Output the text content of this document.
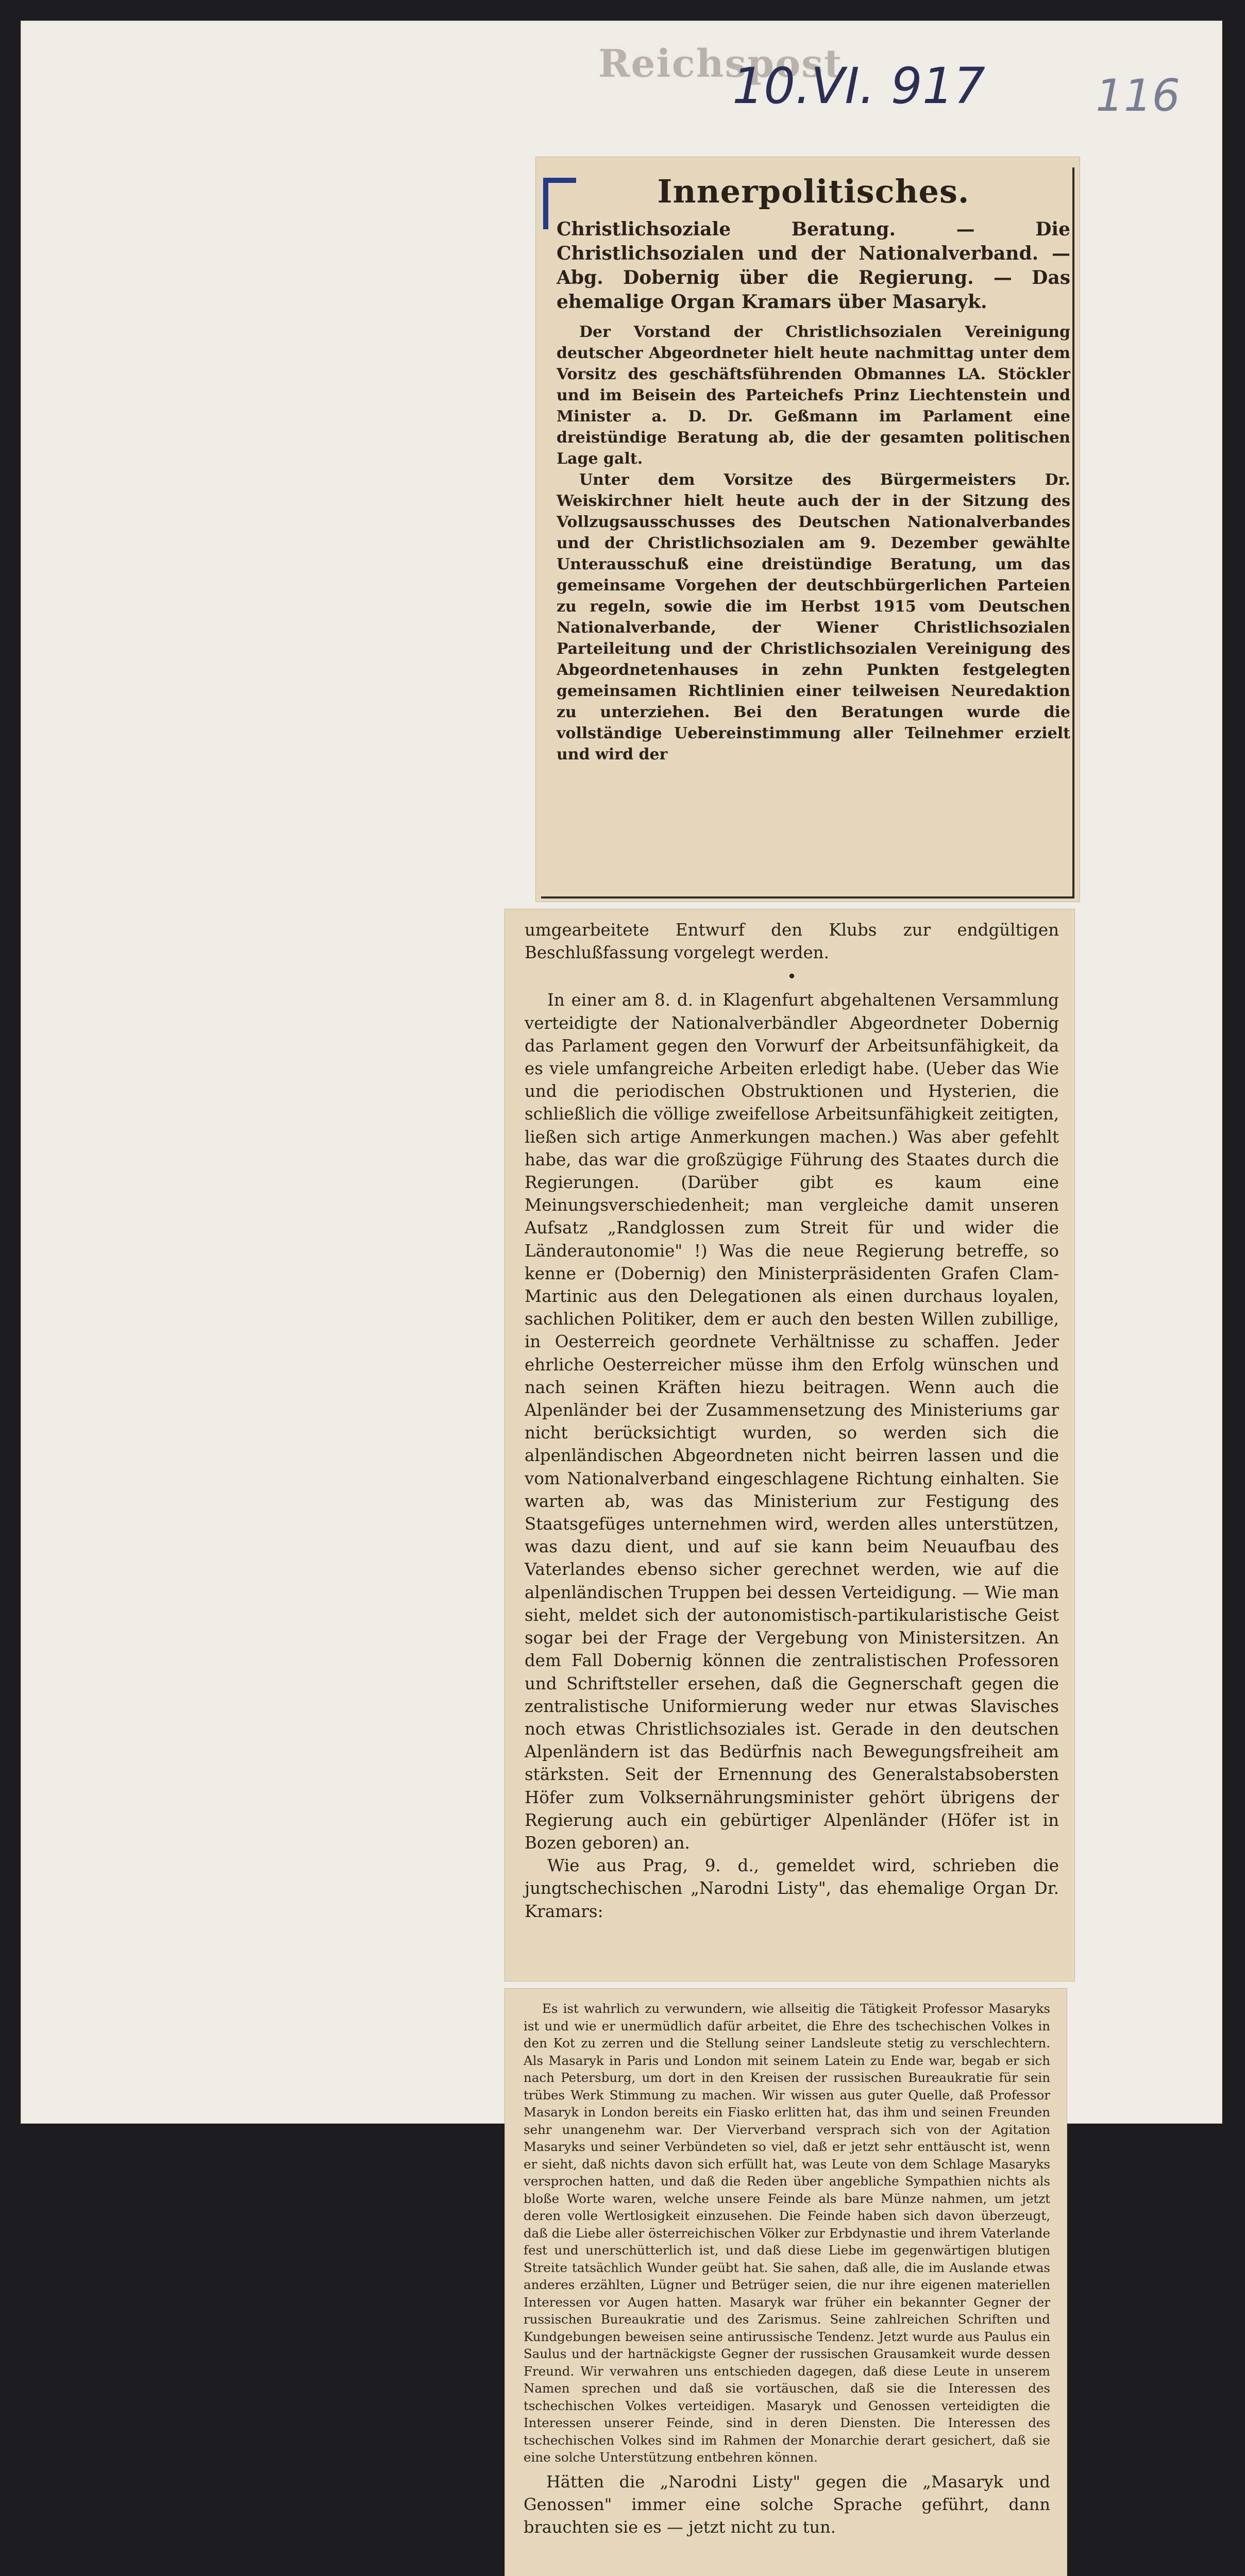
Reichspost
10.VI. 917 116
Innerpolitisches.

Christlichsoziale Beratung. — Die Christlichsozialen und der Nationalverband. — Abg. Dobernig über die Regierung. — Das ehemalige Organ Kramars über Masaryk.

Der Vorstand der Christlichsozialen Vereinigung deutscher Abgeordneter hielt heute nachmittag unter dem Vorsitz des geschäftsführenden Obmannes LA. Stöckler und im Beisein des Parteichefs Prinz Liechtenstein und Minister a. D. Dr. Geßmann im Parlament eine dreistündige Beratung ab, die der gesamten politischen Lage galt.

Unter dem Vorsitze des Bürgermeisters Dr. Weiskirchner hielt heute auch der in der Sitzung des Vollzugsausschusses des Deutschen Nationalverbandes und der Christlichsozialen am 9. Dezember gewählte Unterausschuß eine dreistündige Beratung, um das gemeinsame Vorgehen der deutschbürgerlichen Parteien zu regeln, sowie die im Herbst 1915 vom Deutschen Nationalverbande, der Wiener Christlichsozialen Parteileitung und der Christlichsozialen Vereinigung des Abgeordnetenhauses in zehn Punkten festgelegten gemeinsamen Richtlinien einer teilweisen Neuredaktion zu unterziehen. Bei den Beratungen wurde die vollständige Uebereinstimmung aller Teilnehmer erzielt und wird der

umgearbeitete Entwurf den Klubs zur endgültigen Beschlußfassung vorgelegt werden.

•

In einer am 8. d. in Klagenfurt abgehaltenen Versammlung verteidigte der Nationalverbändler Abgeordneter Dobernig das Parlament gegen den Vorwurf der Arbeitsunfähigkeit, da es viele umfangreiche Arbeiten erledigt habe. (Ueber das Wie und die periodischen Obstruktionen und Hysterien, die schließlich die völlige zweifellose Arbeitsunfähigkeit zeitigten, ließen sich artige Anmerkungen machen.) Was aber gefehlt habe, das war die großzügige Führung des Staates durch die Regierungen. (Darüber gibt es kaum eine Meinungsverschiedenheit; man vergleiche damit unseren Aufsatz „Randglossen zum Streit für und wider die Länderautonomie" !) Was die neue Regierung betreffe, so kenne er (Dobernig) den Ministerpräsidenten Grafen Clam-Martinic aus den Delegationen als einen durchaus loyalen, sachlichen Politiker, dem er auch den besten Willen zubillige, in Oesterreich geordnete Verhältnisse zu schaffen. Jeder ehrliche Oesterreicher müsse ihm den Erfolg wünschen und nach seinen Kräften hiezu beitragen. Wenn auch die Alpenländer bei der Zusammensetzung des Ministeriums gar nicht berücksichtigt wurden, so werden sich die alpenländischen Abgeordneten nicht beirren lassen und die vom Nationalverband eingeschlagene Richtung einhalten. Sie warten ab, was das Ministerium zur Festigung des Staatsgefüges unternehmen wird, werden alles unterstützen, was dazu dient, und auf sie kann beim Neuaufbau des Vaterlandes ebenso sicher gerechnet werden, wie auf die alpenländischen Truppen bei dessen Verteidigung. — Wie man sieht, meldet sich der autonomistisch-partikularistische Geist sogar bei der Frage der Vergebung von Ministersitzen. An dem Fall Dobernig können die zentralistischen Professoren und Schriftsteller ersehen, daß die Gegnerschaft gegen die zentralistische Uniformierung weder nur etwas Slavisches noch etwas Christlichsoziales ist. Gerade in den deutschen Alpenländern ist das Bedürfnis nach Bewegungsfreiheit am stärksten. Seit der Ernennung des Generalstabsobersten Höfer zum Volksernährungsminister gehört übrigens der Regierung auch ein gebürtiger Alpenländer (Höfer ist in Bozen geboren) an.

Wie aus Prag, 9. d., gemeldet wird, schrieben die jungtschechischen „Narodni Listy", das ehemalige Organ Dr. Kramars:

Es ist wahrlich zu verwundern, wie allseitig die Tätigkeit Professor Masaryks ist und wie er unermüdlich dafür arbeitet, die Ehre des tschechischen Volkes in den Kot zu zerren und die Stellung seiner Landsleute stetig zu verschlechtern. Als Masaryk in Paris und London mit seinem Latein zu Ende war, begab er sich nach Petersburg, um dort in den Kreisen der russischen Bureaukratie für sein trübes Werk Stimmung zu machen. Wir wissen aus guter Quelle, daß Professor Masaryk in London bereits ein Fiasko erlitten hat, das ihm und seinen Freunden sehr unangenehm war. Der Vierverband versprach sich von der Agitation Masaryks und seiner Verbündeten so viel, daß er jetzt sehr enttäuscht ist, wenn er sieht, daß nichts davon sich erfüllt hat, was Leute von dem Schlage Masaryks versprochen hatten, und daß die Reden über angebliche Sympathien nichts als bloße Worte waren, welche unsere Feinde als bare Münze nahmen, um jetzt deren volle Wertlosigkeit einzusehen. Die Feinde haben sich davon überzeugt, daß die Liebe aller österreichischen Völker zur Erbdynastie und ihrem Vaterlande fest und unerschütterlich ist, und daß diese Liebe im gegenwärtigen blutigen Streite tatsächlich Wunder geübt hat. Sie sahen, daß alle, die im Auslande etwas anderes erzählten, Lügner und Betrüger seien, die nur ihre eigenen materiellen Interessen vor Augen hatten. Masaryk war früher ein bekannter Gegner der russischen Bureaukratie und des Zarismus. Seine zahlreichen Schriften und Kundgebungen beweisen seine antirussische Tendenz. Jetzt wurde aus Paulus ein Saulus und der hartnäckigste Gegner der russischen Grausamkeit wurde dessen Freund. Wir verwahren uns entschieden dagegen, daß diese Leute in unserem Namen sprechen und daß sie vortäuschen, daß sie die Interessen des tschechischen Volkes verteidigen. Masaryk und Genossen verteidigten die Interessen unserer Feinde, sind in deren Diensten. Die Interessen des tschechischen Volkes sind im Rahmen der Monarchie derart gesichert, daß sie eine solche Unterstützung entbehren können.

Hätten die „Narodni Listy" gegen die „Masaryk und Genossen" immer eine solche Sprache geführt, dann brauchten sie es — jetzt nicht zu tun.
